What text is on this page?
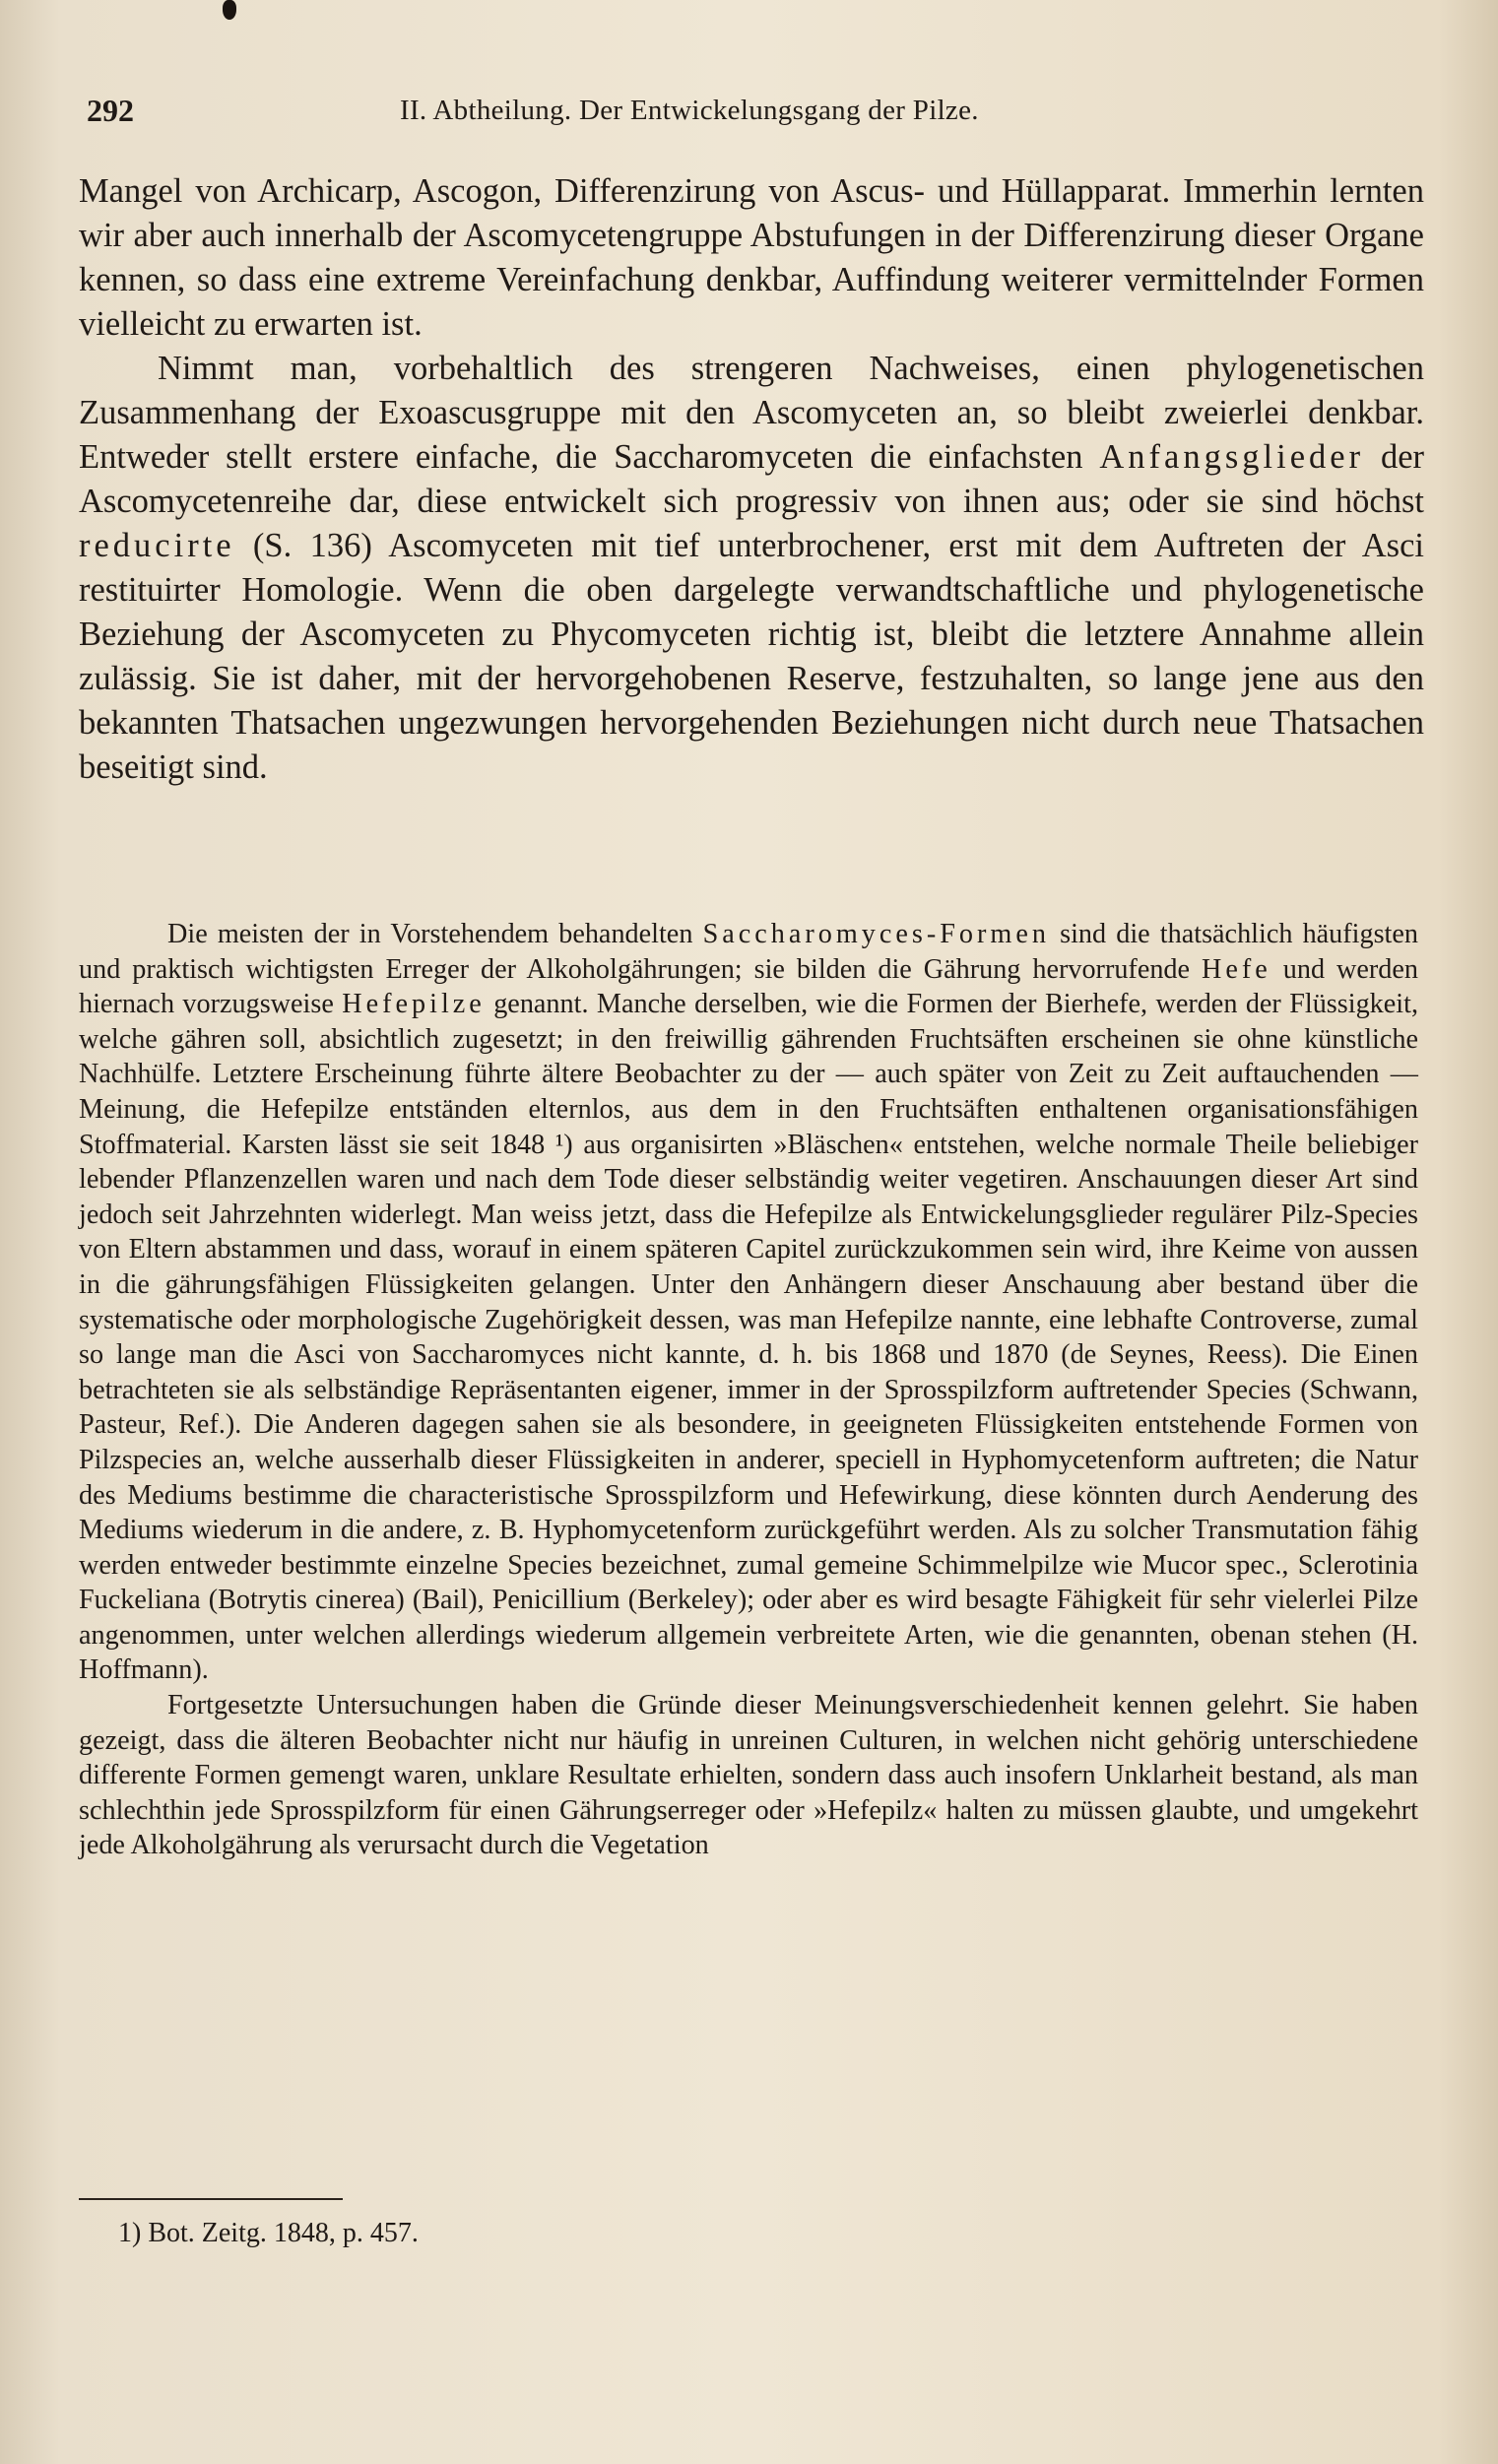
292	II. Abtheilung. Der Entwickelungsgang der Pilze.

Mangel von Archicarp, Ascogon, Differenzirung von Ascus- und Hüllapparat. Immerhin lernten wir aber auch innerhalb der Ascomycetengruppe Abstufungen in der Differenzirung dieser Organe kennen, so dass eine extreme Vereinfachung denkbar, Auffindung weiterer vermittelnder Formen vielleicht zu erwarten ist.

Nimmt man, vorbehaltlich des strengeren Nachweises, einen phylogenetischen Zusammenhang der Exoascusgruppe mit den Ascomyceten an, so bleibt zweierlei denkbar. Entweder stellt erstere einfache, die Saccharomyceten die einfachsten Anfangsglieder der Ascomycetenreihe dar, diese entwickelt sich progressiv von ihnen aus; oder sie sind höchst reducirte (S. 136) Ascomyceten mit tief unterbrochener, erst mit dem Auftreten der Asci restituirter Homologie. Wenn die oben dargelegte verwandtschaftliche und phylogenetische Beziehung der Ascomyceten zu Phycomyceten richtig ist, bleibt die letztere Annahme allein zulässig. Sie ist daher, mit der hervorgehobenen Reserve, festzuhalten, so lange jene aus den bekannten Thatsachen ungezwungen hervorgehenden Beziehungen nicht durch neue Thatsachen beseitigt sind.

Die meisten der in Vorstehendem behandelten Saccharomyces-Formen sind die thatsächlich häufigsten und praktisch wichtigsten Erreger der Alkoholgährungen; sie bilden die Gährung hervorrufende Hefe und werden hiernach vorzugsweise Hefepilze genannt. Manche derselben, wie die Formen der Bierhefe, werden der Flüssigkeit, welche gähren soll, absichtlich zugesetzt; in den freiwillig gährenden Fruchtsäften erscheinen sie ohne künstliche Nachhülfe. Letztere Erscheinung führte ältere Beobachter zu der — auch später von Zeit zu Zeit auftauchenden — Meinung, die Hefepilze entständen elternlos, aus dem in den Fruchtsäften enthaltenen organisationsfähigen Stoffmaterial. Karsten lässt sie seit 1848 ¹) aus organisirten »Bläschen« entstehen, welche normale Theile beliebiger lebender Pflanzenzellen waren und nach dem Tode dieser selbständig weiter vegetiren. Anschauungen dieser Art sind jedoch seit Jahrzehnten widerlegt. Man weiss jetzt, dass die Hefepilze als Entwickelungsglieder regulärer Pilz-Species von Eltern abstammen und dass, worauf in einem späteren Capitel zurückzukommen sein wird, ihre Keime von aussen in die gährungsfähigen Flüssigkeiten gelangen. Unter den Anhängern dieser Anschauung aber bestand über die systematische oder morphologische Zugehörigkeit dessen, was man Hefepilze nannte, eine lebhafte Controverse, zumal so lange man die Asci von Saccharomyces nicht kannte, d. h. bis 1868 und 1870 (de Seynes, Reess). Die Einen betrachteten sie als selbständige Repräsentanten eigener, immer in der Sprosspilzform auftretender Species (Schwann, Pasteur, Ref.). Die Anderen dagegen sahen sie als besondere, in geeigneten Flüssigkeiten entstehende Formen von Pilzspecies an, welche ausserhalb dieser Flüssigkeiten in anderer, speciell in Hyphomycetenform auftreten; die Natur des Mediums bestimme die characteristische Sprosspilzform und Hefewirkung, diese könnten durch Aenderung des Mediums wiederum in die andere, z. B. Hyphomycetenform zurückgeführt werden. Als zu solcher Transmutation fähig werden entweder bestimmte einzelne Species bezeichnet, zumal gemeine Schimmelpilze wie Mucor spec., Sclerotinia Fuckeliana (Botrytis cinerea) (Bail), Penicillium (Berkeley); oder aber es wird besagte Fähigkeit für sehr vielerlei Pilze angenommen, unter welchen allerdings wiederum allgemein verbreitete Arten, wie die genannten, obenan stehen (H. Hoffmann).

Fortgesetzte Untersuchungen haben die Gründe dieser Meinungsverschiedenheit kennen gelehrt. Sie haben gezeigt, dass die älteren Beobachter nicht nur häufig in unreinen Culturen, in welchen nicht gehörig unterschiedene differente Formen gemengt waren, unklare Resultate erhielten, sondern dass auch insofern Unklarheit bestand, als man schlechthin jede Sprosspilzform für einen Gährungserreger oder »Hefepilz« halten zu müssen glaubte, und umgekehrt jede Alkoholgährung als verursacht durch die Vegetation

1) Bot. Zeitg. 1848, p. 457.
